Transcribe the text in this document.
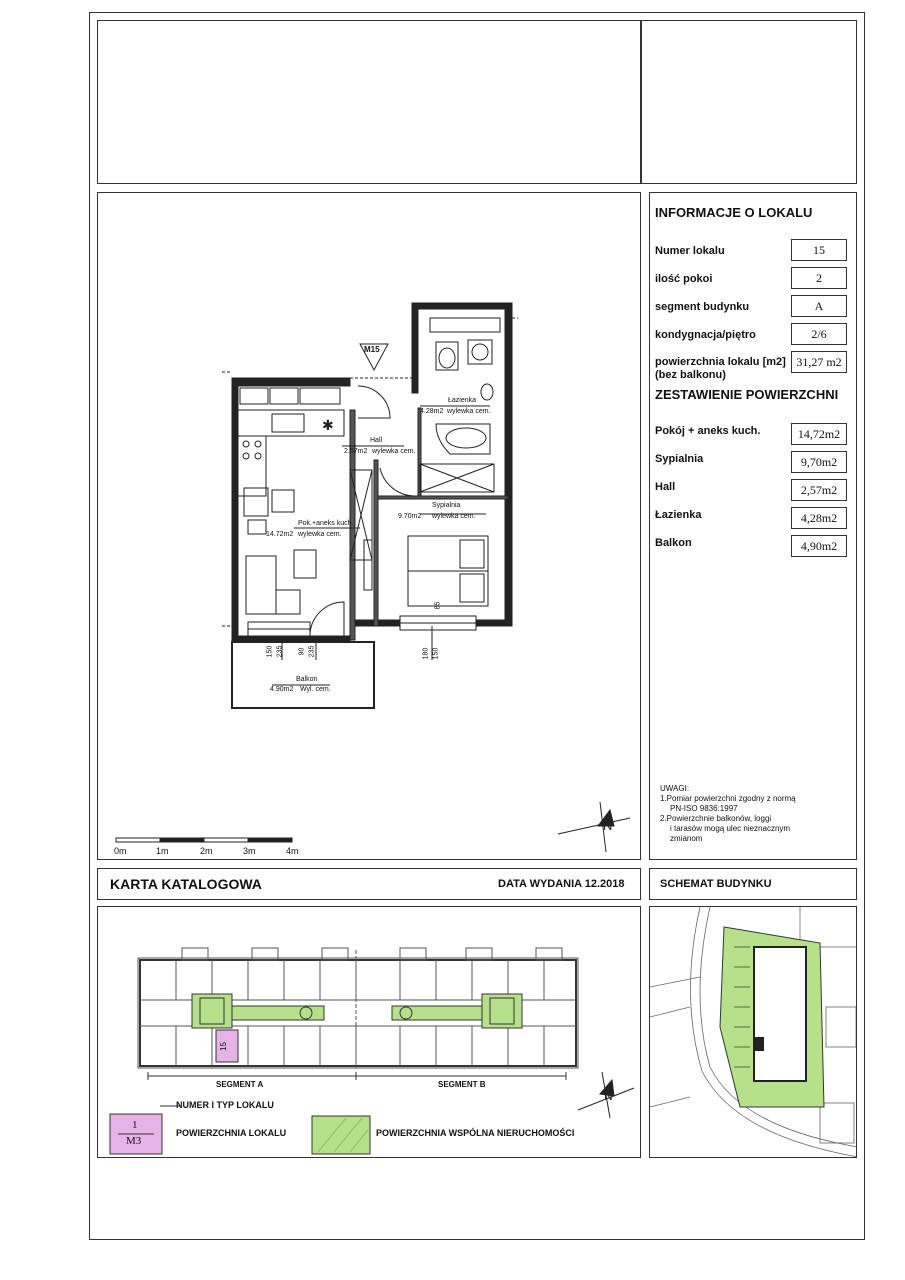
INFORMACJE O LOKALU
Numer lokalu	15
ilość pokoi	2
segment budynku	A
kondygnacja/piętro	2/6
powierzchnia lokalu [m2]
(bez balkonu)
31,27 m2
ZESTAWIENIE POWIERZCHNI
Pokój + aneks kuch.	14,72m2
Sypialnia	9,70m2
Hall	2,57m2
Łazienka	4,28m2
Balkon	4,90m2
UWAGI:
1.Pomiar powierzchni zgodny z normą
PN-ISO 9836:1997
2.Powierzchnie balkonów, loggi
i tarasów mogą ulec nieznacznym
zmianom
✱
N
M15
Hall
2.57m2 wylewka cem.
Łazienka
4.28m2 wylewka cem.
Pok.+aneks kuch.
14.72m2 wylewka cem.
Sypialnia
9.70m2 wylewka cem.
Balkon
4.90m2 Wyl. cem.
150 235 90 235	180 150
85
0m	1m	2m	3m	4m
KARTA KATALOGOWA	DATA WYDANIA 12.2018	SCHEMAT BUDYNKU
N
SEGMENT A	SEGMENT B
15
NUMER I TYP LOKALU
1
M3
POWIERZCHNIA LOKALU	POWIERZCHNIA WSPÓLNA NIERUCHOMOŚCI
